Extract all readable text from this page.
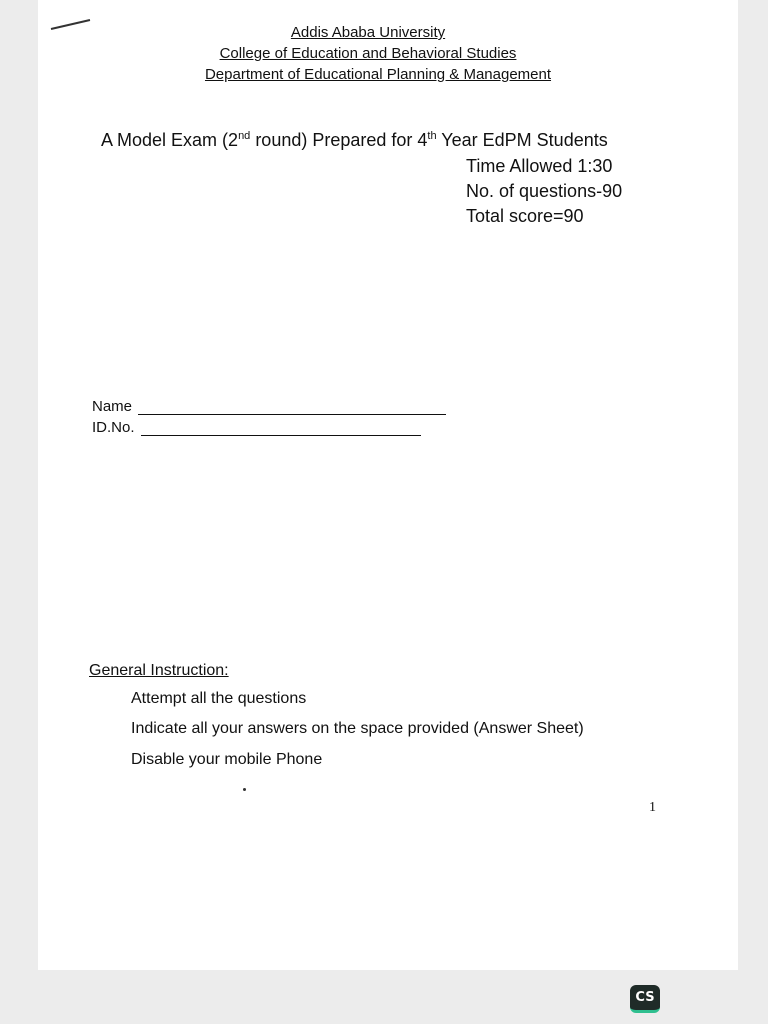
Addis Ababa University
College of Education and Behavioral Studies
Department of Educational Planning & Management
A Model Exam (2nd round) Prepared for 4th Year EdPM Students
Time Allowed 1:30
No. of questions-90
Total score=90
Name
ID.No.
General Instruction:
Attempt all the questions
Indicate all your answers on the space provided (Answer Sheet)
Disable your mobile Phone
1
CS
